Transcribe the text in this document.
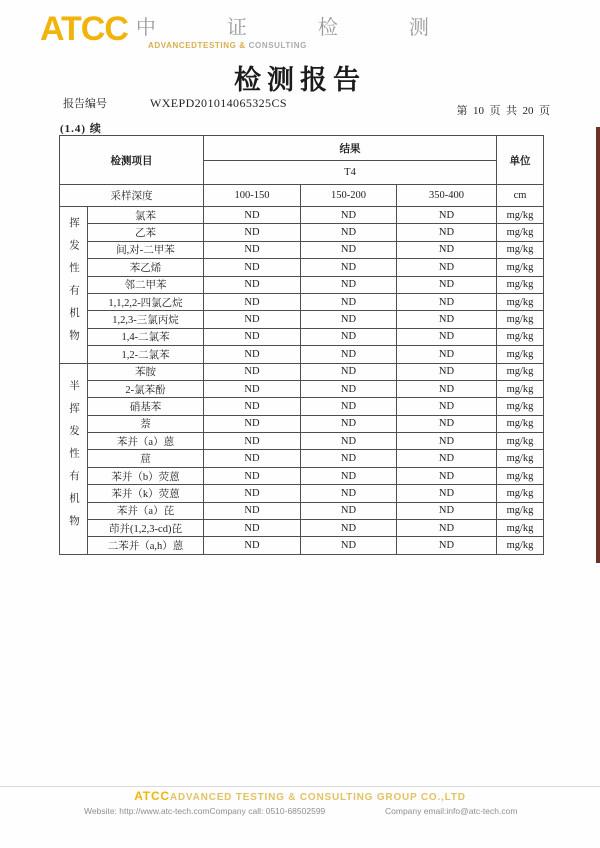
ATCC 中 证 检 测
ADVANCEDTESTING & CONSULTING
检测报告
报告编号	WXEPD201014065325CS
第  10  页  共  20  页
(1.4) 续
检测项目		结果			单位
		T4			
采样深度		100-150	150-200	350-400	cm
挥发性有机物	氯苯	ND	ND	ND	mg/kg
	乙苯	ND	ND	ND	mg/kg
	间,对-二甲苯	ND	ND	ND	mg/kg
	苯乙烯	ND	ND	ND	mg/kg
	邻二甲苯	ND	ND	ND	mg/kg
	1,1,2,2-四氯乙烷	ND	ND	ND	mg/kg
	1,2,3-三氯丙烷	ND	ND	ND	mg/kg
	1,4-二氯苯	ND	ND	ND	mg/kg
	1,2-二氯苯	ND	ND	ND	mg/kg
半挥发性有机物	苯胺	ND	ND	ND	mg/kg
	2-氯苯酚	ND	ND	ND	mg/kg
	硝基苯	ND	ND	ND	mg/kg
	萘	ND	ND	ND	mg/kg
	苯并（a）蒽	ND	ND	ND	mg/kg
	䓛	ND	ND	ND	mg/kg
	苯并（b）荧蒽	ND	ND	ND	mg/kg
	苯并（k）荧蒽	ND	ND	ND	mg/kg
	苯并（a）芘	ND	ND	ND	mg/kg
	茚并(1,2,3-cd)芘	ND	ND	ND	mg/kg
	二苯并（a,h）蒽	ND	ND	ND	mg/kg
ATCCADVANCED TESTING & CONSULTING GROUP CO.,LTD
Website: http://www.atc-tech.comCompany call: 0510-68502599	Company email:info@atc-tech.com
